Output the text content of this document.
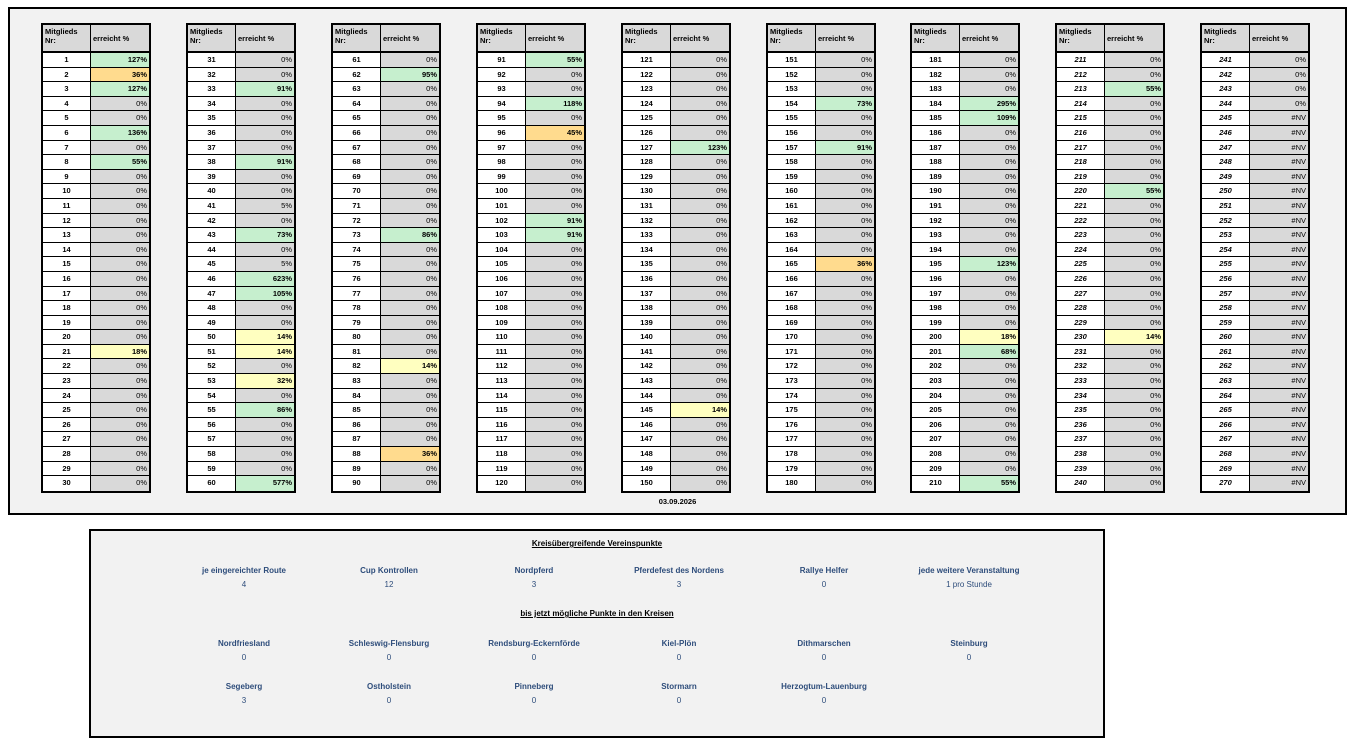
Mitglieds Nr:	erreicht %
1	127%
2	36%
3	127%
4	0%
5	0%
6	136%
7	0%
8	55%
9	0%
10	0%
11	0%
12	0%
13	0%
14	0%
15	0%
16	0%
17	0%
18	0%
19	0%
20	0%
21	18%
22	0%
23	0%
24	0%
25	0%
26	0%
27	0%
28	0%
29	0%
30	0%
Mitglieds Nr:	erreicht %
31	0%
32	0%
33	91%
34	0%
35	0%
36	0%
37	0%
38	91%
39	0%
40	0%
41	5%
42	0%
43	73%
44	0%
45	5%
46	623%
47	105%
48	0%
49	0%
50	14%
51	14%
52	0%
53	32%
54	0%
55	86%
56	0%
57	0%
58	0%
59	0%
60	577%
Mitglieds Nr:	erreicht %
61	0%
62	95%
63	0%
64	0%
65	0%
66	0%
67	0%
68	0%
69	0%
70	0%
71	0%
72	0%
73	86%
74	0%
75	0%
76	0%
77	0%
78	0%
79	0%
80	0%
81	0%
82	14%
83	0%
84	0%
85	0%
86	0%
87	0%
88	36%
89	0%
90	0%
Mitglieds Nr:	erreicht %
91	55%
92	0%
93	0%
94	118%
95	0%
96	45%
97	0%
98	0%
99	0%
100	0%
101	0%
102	91%
103	91%
104	0%
105	0%
106	0%
107	0%
108	0%
109	0%
110	0%
111	0%
112	0%
113	0%
114	0%
115	0%
116	0%
117	0%
118	0%
119	0%
120	0%
Mitglieds Nr:	erreicht %
121	0%
122	0%
123	0%
124	0%
125	0%
126	0%
127	123%
128	0%
129	0%
130	0%
131	0%
132	0%
133	0%
134	0%
135	0%
136	0%
137	0%
138	0%
139	0%
140	0%
141	0%
142	0%
143	0%
144	0%
145	14%
146	0%
147	0%
148	0%
149	0%
150	0%
Mitglieds Nr:	erreicht %
151	0%
152	0%
153	0%
154	73%
155	0%
156	0%
157	91%
158	0%
159	0%
160	0%
161	0%
162	0%
163	0%
164	0%
165	36%
166	0%
167	0%
168	0%
169	0%
170	0%
171	0%
172	0%
173	0%
174	0%
175	0%
176	0%
177	0%
178	0%
179	0%
180	0%
Mitglieds Nr:	erreicht %
181	0%
182	0%
183	0%
184	295%
185	109%
186	0%
187	0%
188	0%
189	0%
190	0%
191	0%
192	0%
193	0%
194	0%
195	123%
196	0%
197	0%
198	0%
199	0%
200	18%
201	68%
202	0%
203	0%
204	0%
205	0%
206	0%
207	0%
208	0%
209	0%
210	55%
Mitglieds Nr:	erreicht %
211	0%
212	0%
213	55%
214	0%
215	0%
216	0%
217	0%
218	0%
219	0%
220	55%
221	0%
222	0%
223	0%
224	0%
225	0%
226	0%
227	0%
228	0%
229	0%
230	14%
231	0%
232	0%
233	0%
234	0%
235	0%
236	0%
237	0%
238	0%
239	0%
240	0%
Mitglieds Nr:	erreicht %
241	0%
242	0%
243	0%
244	0%
245	#NV
246	#NV
247	#NV
248	#NV
249	#NV
250	#NV
251	#NV
252	#NV
253	#NV
254	#NV
255	#NV
256	#NV
257	#NV
258	#NV
259	#NV
260	#NV
261	#NV
262	#NV
263	#NV
264	#NV
265	#NV
266	#NV
267	#NV
268	#NV
269	#NV
270	#NV
03.09.2026
Kreisübergreifende Vereinspunkte
je eingereichter Route
4
Cup Kontrollen
12
Nordpferd
3
Pferdefest des Nordens
3
Rallye Helfer
0
jede weitere Veranstaltung
1 pro Stunde
bis jetzt mögliche Punkte in den Kreisen
Nordfriesland
0
Schleswig-Flensburg
0
Rendsburg-Eckernförde
0
Kiel-Plön
0
Dithmarschen
0
Steinburg
0
Segeberg
3
Ostholstein
0
Pinneberg
0
Stormarn
0
Herzogtum-Lauenburg
0
